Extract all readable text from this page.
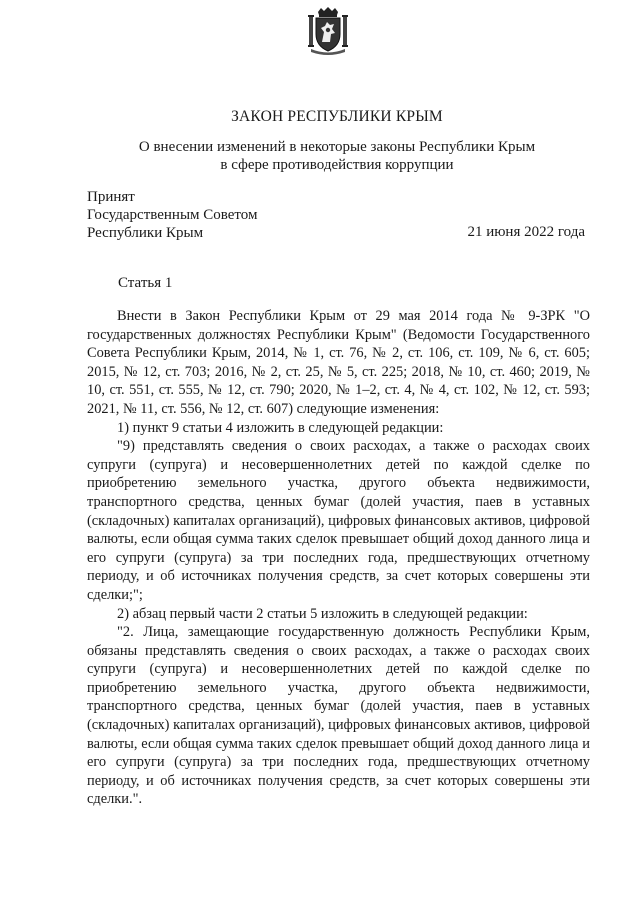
ЗАКОН РЕСПУБЛИКИ КРЫМ
О внесении изменений в некоторые законы Республики Крым
в сфере противодействия коррупции
Принят
Государственным Советом
Республики Крым	21 июня 2022 года
Статья 1

Внести в Закон Республики Крым от 29 мая 2014 года № 9-ЗРК "О государственных должностях Республики Крым" (Ведомости Государственного Совета Республики Крым, 2014, № 1, ст. 76, № 2, ст. 106, ст. 109, № 6, ст. 605; 2015, № 12, ст. 703; 2016, № 2, ст. 25, № 5, ст. 225; 2018, № 10, ст. 460; 2019, № 10, ст. 551, ст. 555, № 12, ст. 790; 2020, № 1–2, ст. 4, № 4, ст. 102, № 12, ст. 593; 2021, № 11, ст. 556, № 12, ст. 607) следующие изменения:

1) пункт 9 статьи 4 изложить в следующей редакции:

"9) представлять сведения о своих расходах, а также о расходах своих супруги (супруга) и несовершеннолетних детей по каждой сделке по приобретению земельного участка, другого объекта недвижимости, транспортного средства, ценных бумаг (долей участия, паев в уставных (складочных) капиталах организаций), цифровых финансовых активов, цифровой валюты, если общая сумма таких сделок превышает общий доход данного лица и его супруги (супруга) за три последних года, предшествующих отчетному периоду, и об источниках получения средств, за счет которых совершены эти сделки;";

2) абзац первый части 2 статьи 5 изложить в следующей редакции:

"2. Лица, замещающие государственную должность Республики Крым, обязаны представлять сведения о своих расходах, а также о расходах своих супруги (супруга) и несовершеннолетних детей по каждой сделке по приобретению земельного участка, другого объекта недвижимости, транспортного средства, ценных бумаг (долей участия, паев в уставных (складочных) капиталах организаций), цифровых финансовых активов, цифровой валюты, если общая сумма таких сделок превышает общий доход данного лица и его супруги (супруга) за три последних года, предшествующих отчетному периоду, и об источниках получения средств, за счет которых совершены эти сделки.".
